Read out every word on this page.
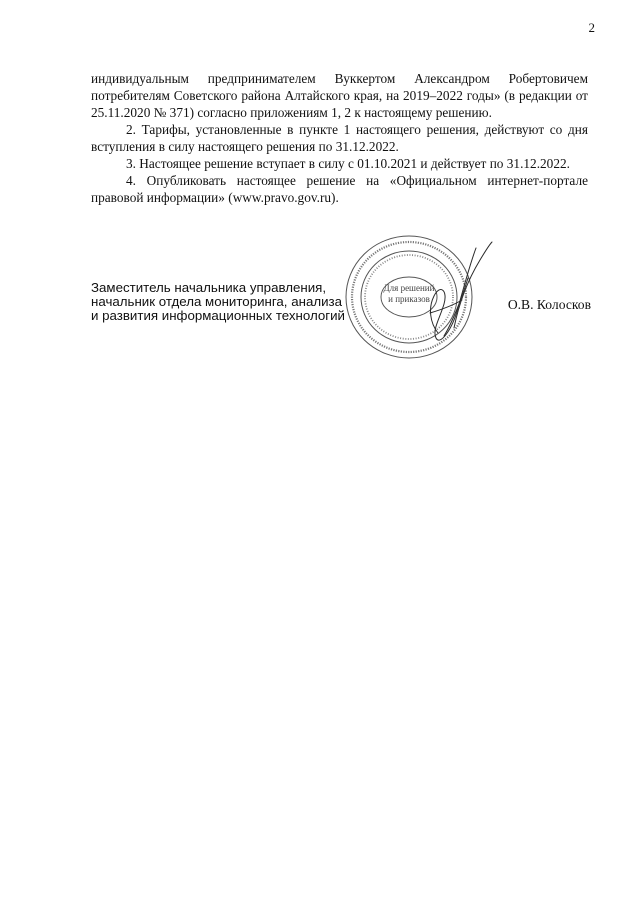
2

индивидуальным предпринимателем Вуккертом Александром Робертовичем потребителям Советского района Алтайского края, на 2019–2022 годы» (в редакции от 25.11.2020 № 371) согласно приложениям 1, 2 к настоящему решению.

2. Тарифы, установленные в пункте 1 настоящего решения, действуют со дня вступления в силу настоящего решения по 31.12.2022.

3. Настоящее решение вступает в силу с 01.10.2021 и действует по 31.12.2022.

4. Опубликовать настоящее решение на «Официальном интернет-портале правовой информации» (www.pravo.gov.ru).

Заместитель начальника управления,
начальник отдела мониторинга, анализа
и развития информационных технологий
Для решений
и приказов	О.В. Колосков
